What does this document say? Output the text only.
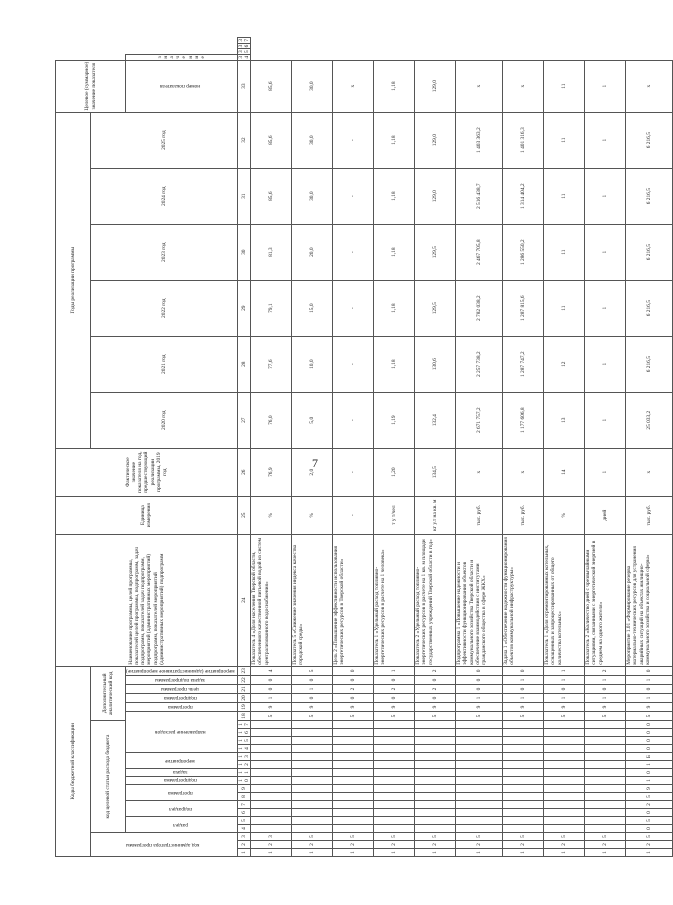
7
Коды бюджетной классификации																							Наименование программы, целей программы, показателей целей программы, подпрограмм, задач подпрограмм, показателей задач подпрограмм, мероприятий (административных мероприятий) подпрограмм, показателей мероприятий (административных мероприятий) подпрограмм	Единица измерения	Фактическое значение показателя на год, предшествующий реализации программы, 2019 год	Годы реализации программы						Целевое (суммарное) значение показателя				
код администратора программы			код целевой статьи расхода бюджета														Дополнительный аналитический код									2020 год	2021 год	2022 год	2023 год	2024 год	2025 год					
			раздел		подраздел		программа		подпрограмма	задача	мероприятие		направление расходов					программа	подпрограмма	цель программы	задача подпрограммы	мероприятие (административное мероприятие)										номер показателя	значение			
1	2	3	4	5	6	7	8	9	10	11	12	13	14	15	16	17	18	19	20	21	22	23	24	25	26	27	28	29	30	31	32	33	34	35	36	37
1	2	3															5	9	1	0	0	4	Показатель 4 «Доля населения Тверской области, обеспеченного качественной питьевой водой из систем централизованного водоснабжения»	%	76,9	76,0	77,6	79,1	81,3	85,6	85,6	85,6				
1	2	5															5	9	0	1	0	5	Показатель 5 «Снижение значения индекса качества городской среды»	%	2,0	5,0	10,0	15,0	20,0	30,0	30,0	30,0				
1	2	5															5	9	0	2	0	0	Цель 2 «Повышение эффективности использования энергетических ресурсов в Тверской области»	-	-	-	-	-	-	-	-	х				
1	2	5															5	9	0	2	0	1	Показатель 1 «Удельный расход топливно-энергетических ресурсов в расчете на 1 человека»	т у т/чел	1,20	1,19	1,18	1,18	1,18	1,18	1,18	1,18				
1	2	5															5	9	0	2	0	2	Показатель 2 «Удельный расход топливно-энергетических ресурсов в расчете на 1 кв. м площади государственных учреждений Тверской области в год»	кг у.т на кв. м	134,5	132,4	130,6	129,5	129,5	129,0	129,0	129,0				
1	2	5															5	9	1	0	0	0	Подпрограмма 1 «Повышение надежности и эффективности функционирования объектов коммунального хозяйства Тверской области и обеспечение взаимодействия с институтами гражданского общества в сфере ЖКХ»	тыс. руб.	х	2 671 757,2	2 257 738,2	2 782 038,2	2 467 705,8	2 516 438,7	1 403 363,2	х				
1	2	5															5	9	1	0	1	0	Задача 1 «Обеспечение надежности функционирования объектов коммунальной инфраструктуры»	тыс. руб.	х	1 177 606,8	1 287 747,2	1 287 815,6	1 286 550,2	1 314 404,2	1 401 316,3	х				
1	2	5															5	9	1	0	1	1	Показатель 1 «Доля отремонтированных котельных, оснащенных и запроцессированных от общего количества котельных»	%	14	13	12	11	11	11	11	11				
1	2	5															5	9	1	0	1	2	Показатель 2 «Количество дней с чрезвычайными ситуациями, связанными с энергетической энергией в среднем на одного жителя»	дней	1	1	1	1	1	1	1	1				
1	2	5	0	5	0	2	5	9	1	0	1	Б	0	0	0	0	5	9	1	0	1	0	Мероприятие 1.01 «Формирование резерва материально-технических ресурсов для устранения аварийных ситуаций на объектах жилищно-коммунального хозяйства и социальной сферы»	тыс. руб.	х	25 033,2	6 216,5	6 216,5	6 216,5	6 216,5	6 216,5	х				
